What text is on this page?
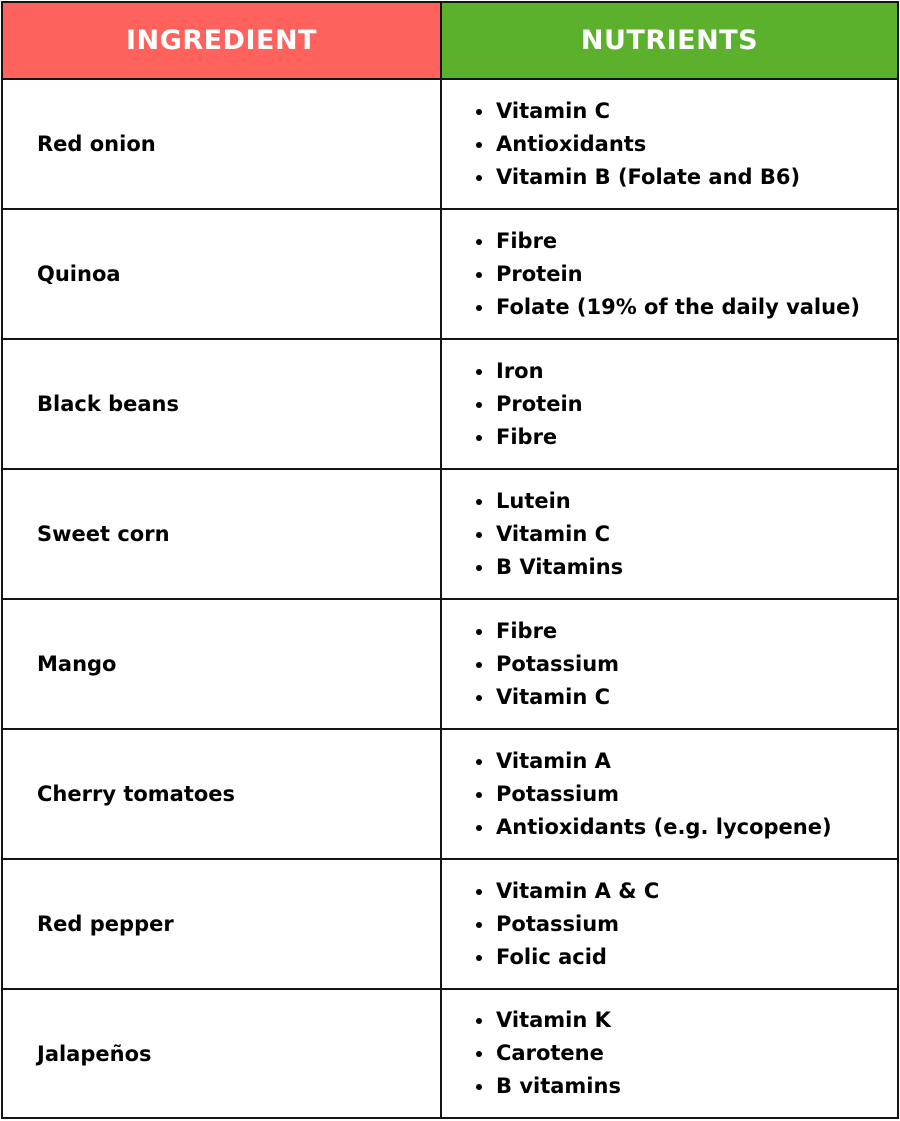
INGREDIENT	NUTRIENTS
Red onion
Vitamin C
Antioxidants
Vitamin B (Folate and B6)
Quinoa
Fibre
Protein
Folate (19% of the daily value)
Black beans
Iron
Protein
Fibre
Sweet corn
Lutein
Vitamin C
B Vitamins
Mango
Fibre
Potassium
Vitamin C
Cherry tomatoes
Vitamin A
Potassium
Antioxidants (e.g. lycopene)
Red pepper
Vitamin A & C
Potassium
Folic acid
Jalapeños
Vitamin K
Carotene
B vitamins
